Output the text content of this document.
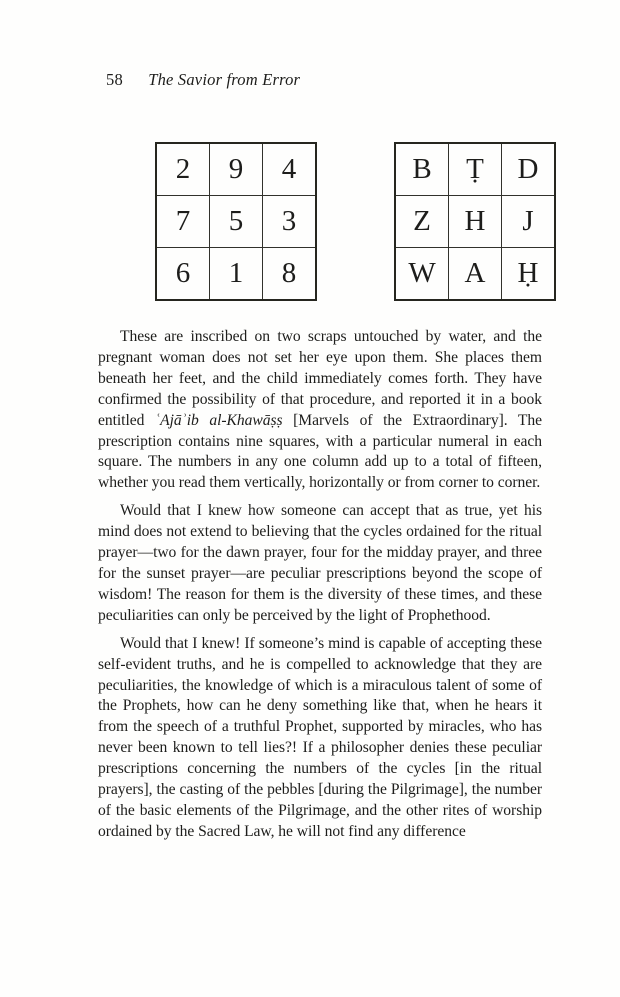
58 The Savior from Error
2	9	4
7	5	3
6	1	8
B	Ṭ	D
Z	H	J
W	A	Ḥ

These are inscribed on two scraps untouched by water, and the pregnant woman does not set her eye upon them. She places them beneath her feet, and the child immediately comes forth. They have confirmed the possibility of that procedure, and reported it in a book entitled ʿAjāʾib al-Khawāṣṣ [Marvels of the Extraordinary]. The prescription contains nine squares, with a particular numeral in each square. The numbers in any one column add up to a total of fifteen, whether you read them vertically, horizontally or from corner to corner.

Would that I knew how someone can accept that as true, yet his mind does not extend to believing that the cycles ordained for the ritual prayer—two for the dawn prayer, four for the midday prayer, and three for the sunset prayer—are peculiar prescriptions beyond the scope of wisdom! The reason for them is the diversity of these times, and these peculiarities can only be perceived by the light of Prophethood.

Would that I knew! If someone’s mind is capable of accepting these self-evident truths, and he is compelled to acknowledge that they are peculiarities, the knowledge of which is a miraculous talent of some of the Prophets, how can he deny something like that, when he hears it from the speech of a truthful Prophet, supported by miracles, who has never been known to tell lies?! If a philosopher denies these peculiar prescriptions concerning the numbers of the cycles [in the ritual prayers], the casting of the pebbles [during the Pilgrimage], the number of the basic elements of the Pilgrimage, and the other rites of worship ordained by the Sacred Law, he will not find any difference
